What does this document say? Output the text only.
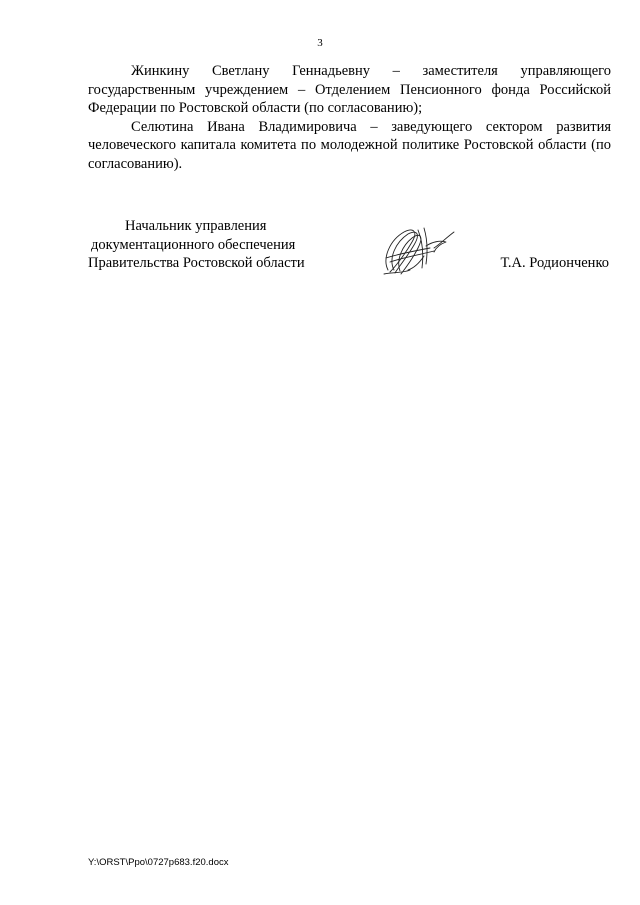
3

Жинкину Светлану Геннадьевну – заместителя управляющего государственным учреждением – Отделением Пенсионного фонда Российской Федерации по Ростовской области (по согласованию);

Селютина Ивана Владимировича – заведующего сектором развития человеческого капитала комитета по молодежной политике Ростовской области (по согласованию).

Начальник управления
документационного обеспечения
Правительства Ростовской области	Т.А. Родионченко
Y:\ORST\Ppo\0727p683.f20.docx
